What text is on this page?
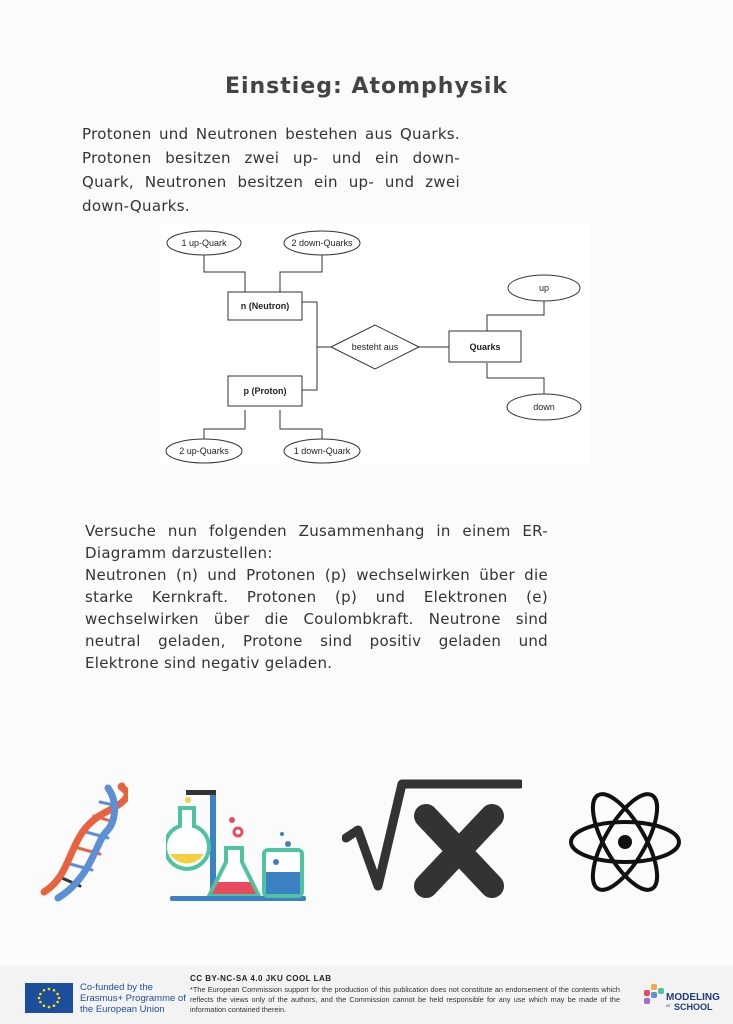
Einstieg: Atomphysik

Protonen und Neutronen bestehen aus Quarks. Protonen besitzen zwei up- und ein down-Quark, Neutronen besitzen ein up- und zwei down-Quarks.

n (Neutron)
p (Proton)
Quarks
besteht aus
1 up-Quark	2 down-Quarks
up
down
2 up-Quarks	1 down-Quark

Versuche nun folgenden Zusammenhang in einem ER-Diagramm darzustellen:

Neutronen (n) und Protonen (p) wechselwirken über die starke Kernkraft. Protonen (p) und Elektronen (e) wechselwirken über die Coulombkraft. Neutrone sind neutral geladen, Protone sind positiv geladen und Elektrone sind negativ geladen.

Co-funded by the Erasmus+ Programme of the European Union
CC BY-NC-SA 4.0 JKU COOL LAB
*The European Commission support for the production of this publication does not constitute an endorsement of the contents which reflects the views only of the authors, and the Commission cannot be held responsible for any use which may be made of the information contained therein.
MODELING
AT SCHOOL
